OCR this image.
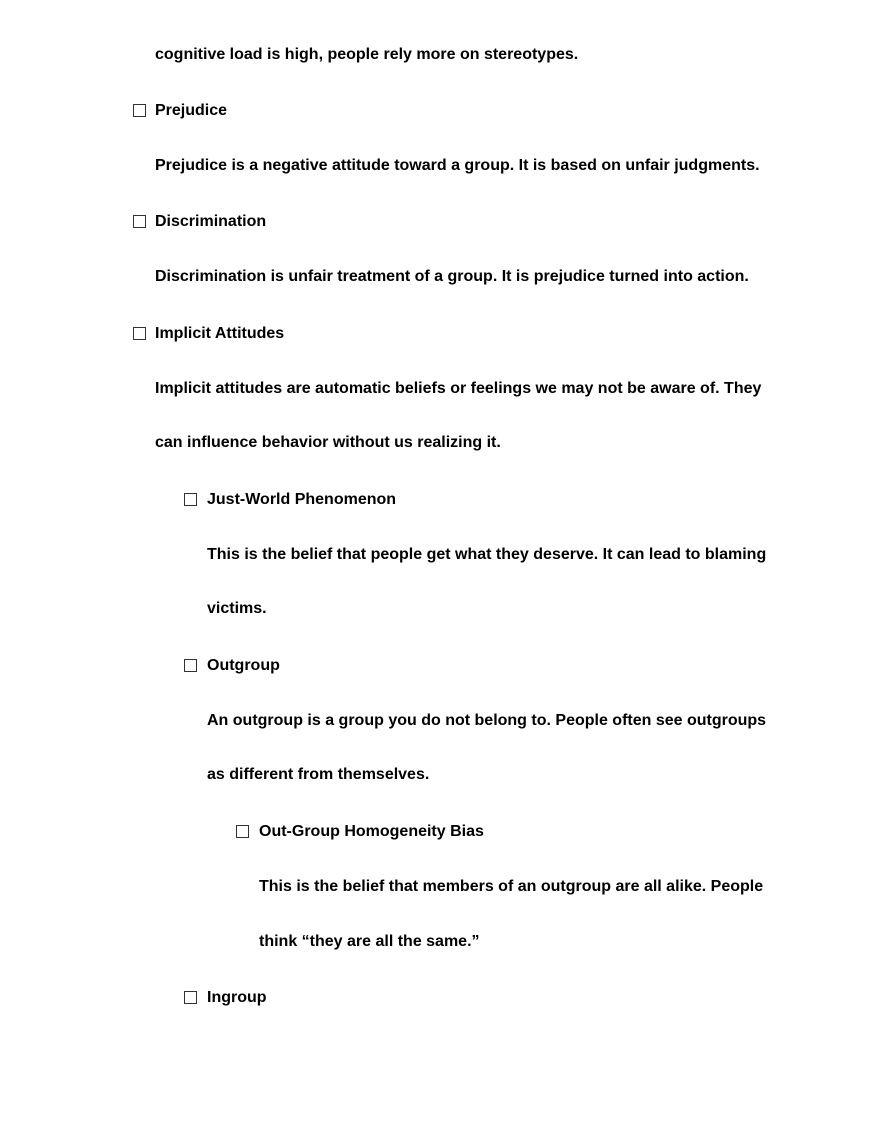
cognitive load is high, people rely more on stereotypes.
Prejudice
Prejudice is a negative attitude toward a group. It is based on unfair judgments.
Discrimination
Discrimination is unfair treatment of a group. It is prejudice turned into action.
Implicit Attitudes
Implicit attitudes are automatic beliefs or feelings we may not be aware of. They
can influence behavior without us realizing it.
Just-World Phenomenon
This is the belief that people get what they deserve. It can lead to blaming
victims.
Outgroup
An outgroup is a group you do not belong to. People often see outgroups
as different from themselves.
Out-Group Homogeneity Bias
This is the belief that members of an outgroup are all alike. People
think “they are all the same.”
Ingroup
